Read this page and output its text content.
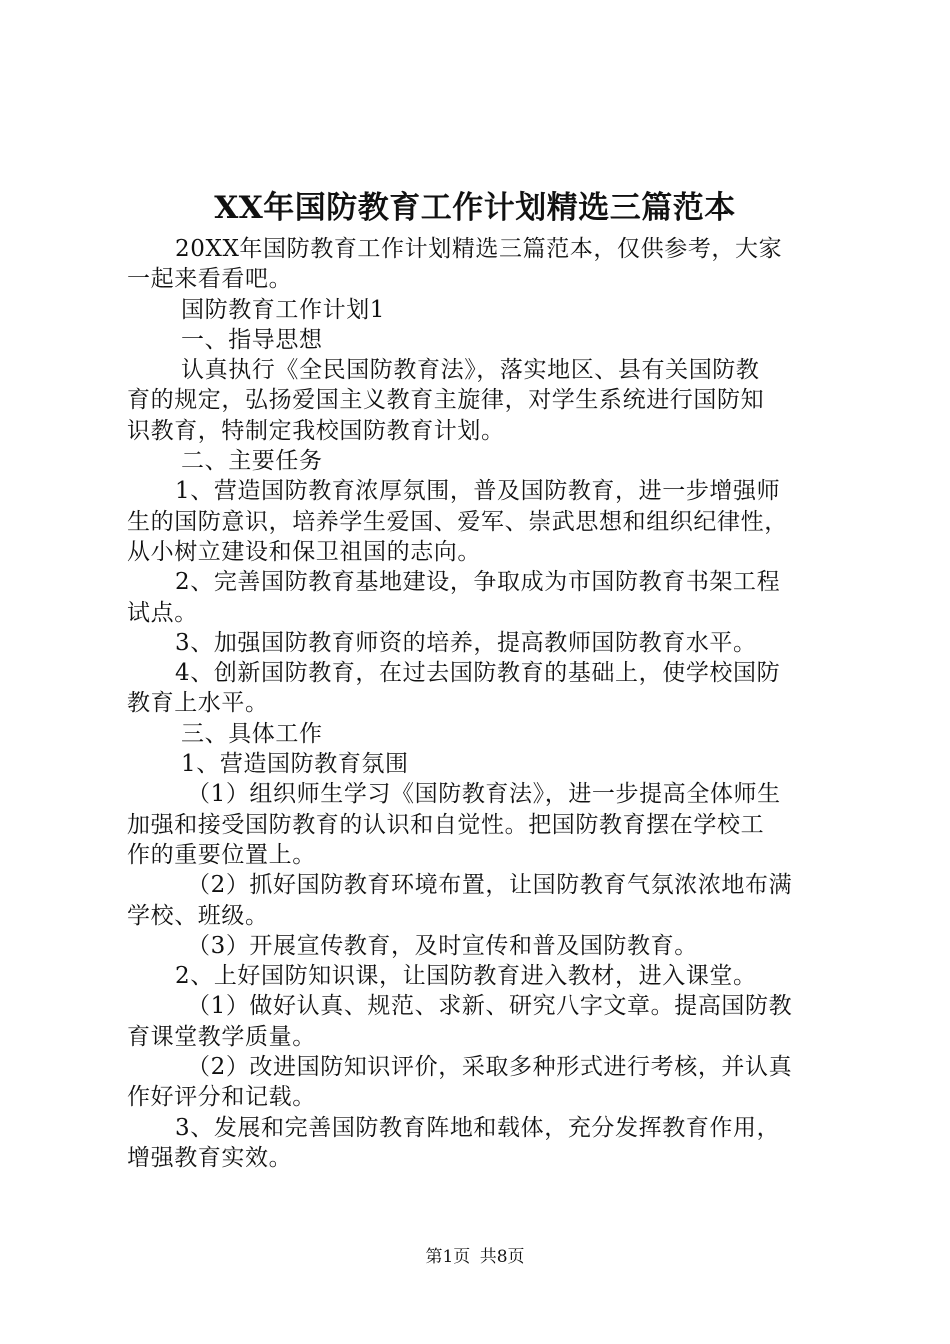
XX年国防教育工作计划精选三篇范本

20XX年国防教育工作计划精选三篇范本，仅供参考，大家

一起来看看吧。

国防教育工作计划1

一、指导思想

认真执行《全民国防教育法》，落实地区、县有关国防教

育的规定，弘扬爱国主义教育主旋律，对学生系统进行国防知

识教育，特制定我校国防教育计划。

二、主要任务

1、营造国防教育浓厚氛围，普及国防教育，进一步增强师

生的国防意识，培养学生爱国、爱军、崇武思想和组织纪律性，

从小树立建设和保卫祖国的志向。

2、完善国防教育基地建设，争取成为市国防教育书架工程

试点。

3、加强国防教育师资的培养，提高教师国防教育水平。

4、创新国防教育，在过去国防教育的基础上，使学校国防

教育上水平。

三、具体工作

1、营造国防教育氛围

（1）组织师生学习《国防教育法》，进一步提高全体师生

加强和接受国防教育的认识和自觉性。把国防教育摆在学校工

作的重要位置上。

（2）抓好国防教育环境布置，让国防教育气氛浓浓地布满

学校、班级。

（3）开展宣传教育，及时宣传和普及国防教育。

2、上好国防知识课，让国防教育进入教材，进入课堂。

（1）做好认真、规范、求新、研究八字文章。提高国防教

育课堂教学质量。

（2）改进国防知识评价，采取多种形式进行考核，并认真

作好评分和记载。

3、发展和完善国防教育阵地和载体，充分发挥教育作用，

增强教育实效。

第1页 共8页
